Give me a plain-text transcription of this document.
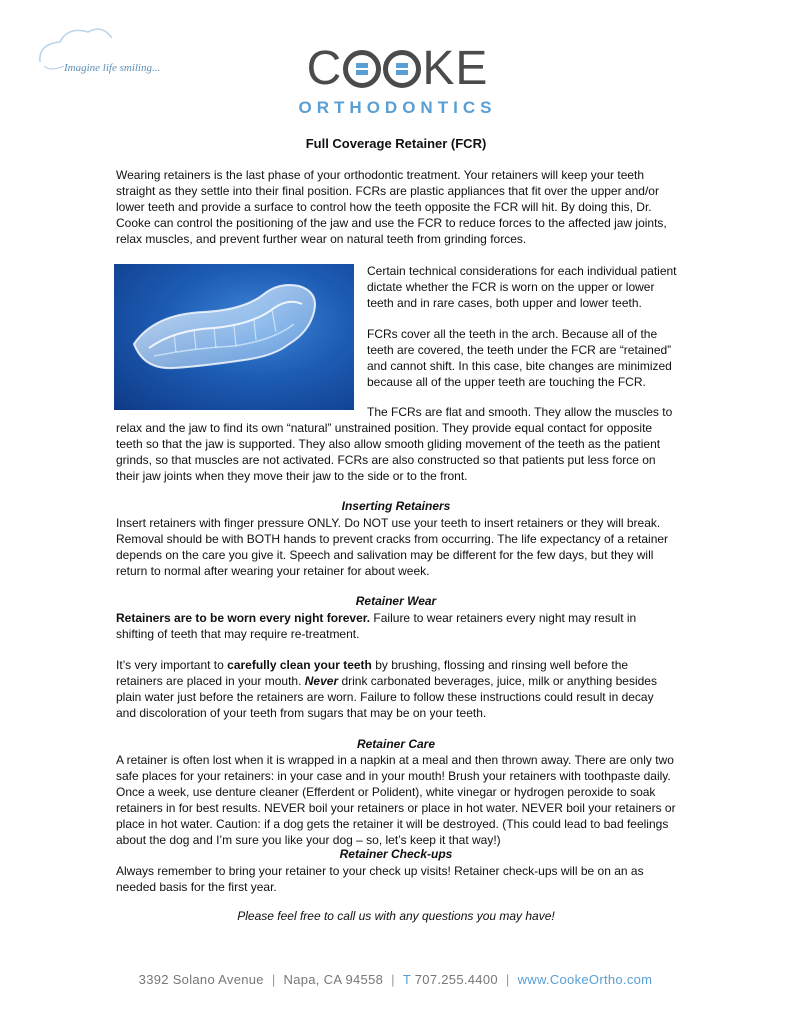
Imagine life smiling...	C KE
ORTHODONTICS
Full Coverage Retainer (FCR)
Wearing retainers is the last phase of your orthodontic treatment. Your retainers will keep your teeth straight as they settle into their final position. FCRs are plastic appliances that fit over the upper and/or lower teeth and provide a surface to control how the teeth opposite the FCR will hit. By doing this, Dr. Cooke can control the positioning of the jaw and use the FCR to reduce forces to the affected jaw joints, relax muscles, and prevent further wear on natural teeth from grinding forces.
Certain technical considerations for each individual patient dictate whether the FCR is worn on the upper or lower teeth and in rare cases, both upper and lower teeth.
FCRs cover all the teeth in the arch. Because all of the teeth are covered, the teeth under the FCR are “retained” and cannot shift. In this case, bite changes are minimized because all of the upper teeth are touching the FCR.
The FCRs are flat and smooth. They allow the muscles to
relax and the jaw to find its own “natural” unstrained position. They provide equal contact for opposite teeth so that the jaw is supported. They also allow smooth gliding movement of the teeth as the patient grinds, so that muscles are not activated. FCRs are also constructed so that patients put less force on their jaw joints when they move their jaw to the side or to the front.
Inserting Retainers
Insert retainers with finger pressure ONLY. Do NOT use your teeth to insert retainers or they will break. Removal should be with BOTH hands to prevent cracks from occurring. The life expectancy of a retainer depends on the care you give it. Speech and salivation may be different for the few days, but they will return to normal after wearing your retainer for about week.
Retainer Wear
Retainers are to be worn every night forever. Failure to wear retainers every night may result in shifting of teeth that may require re-treatment.
It’s very important to carefully clean your teeth by brushing, flossing and rinsing well before the retainers are placed in your mouth. Never drink carbonated beverages, juice, milk or anything besides plain water just before the retainers are worn. Failure to follow these instructions could result in decay and discoloration of your teeth from sugars that may be on your teeth.
Retainer Care
A retainer is often lost when it is wrapped in a napkin at a meal and then thrown away. There are only two safe places for your retainers: in your case and in your mouth! Brush your retainers with toothpaste daily. Once a week, use denture cleaner (Efferdent or Polident), white vinegar or hydrogen peroxide to soak retainers in for best results. NEVER boil your retainers or place in hot water. NEVER boil your retainers or place in hot water. Caution: if a dog gets the retainer it will be destroyed. (This could lead to bad feelings about the dog and I’m sure you like your dog – so, let’s keep it that way!)
Retainer Check-ups
Always remember to bring your retainer to your check up visits! Retainer check-ups will be on an as needed basis for the first year.
Please feel free to call us with any questions you may have!
3392 Solano Avenue | Napa, CA 94558 | T 707.255.4400 | www.CookeOrtho.com
